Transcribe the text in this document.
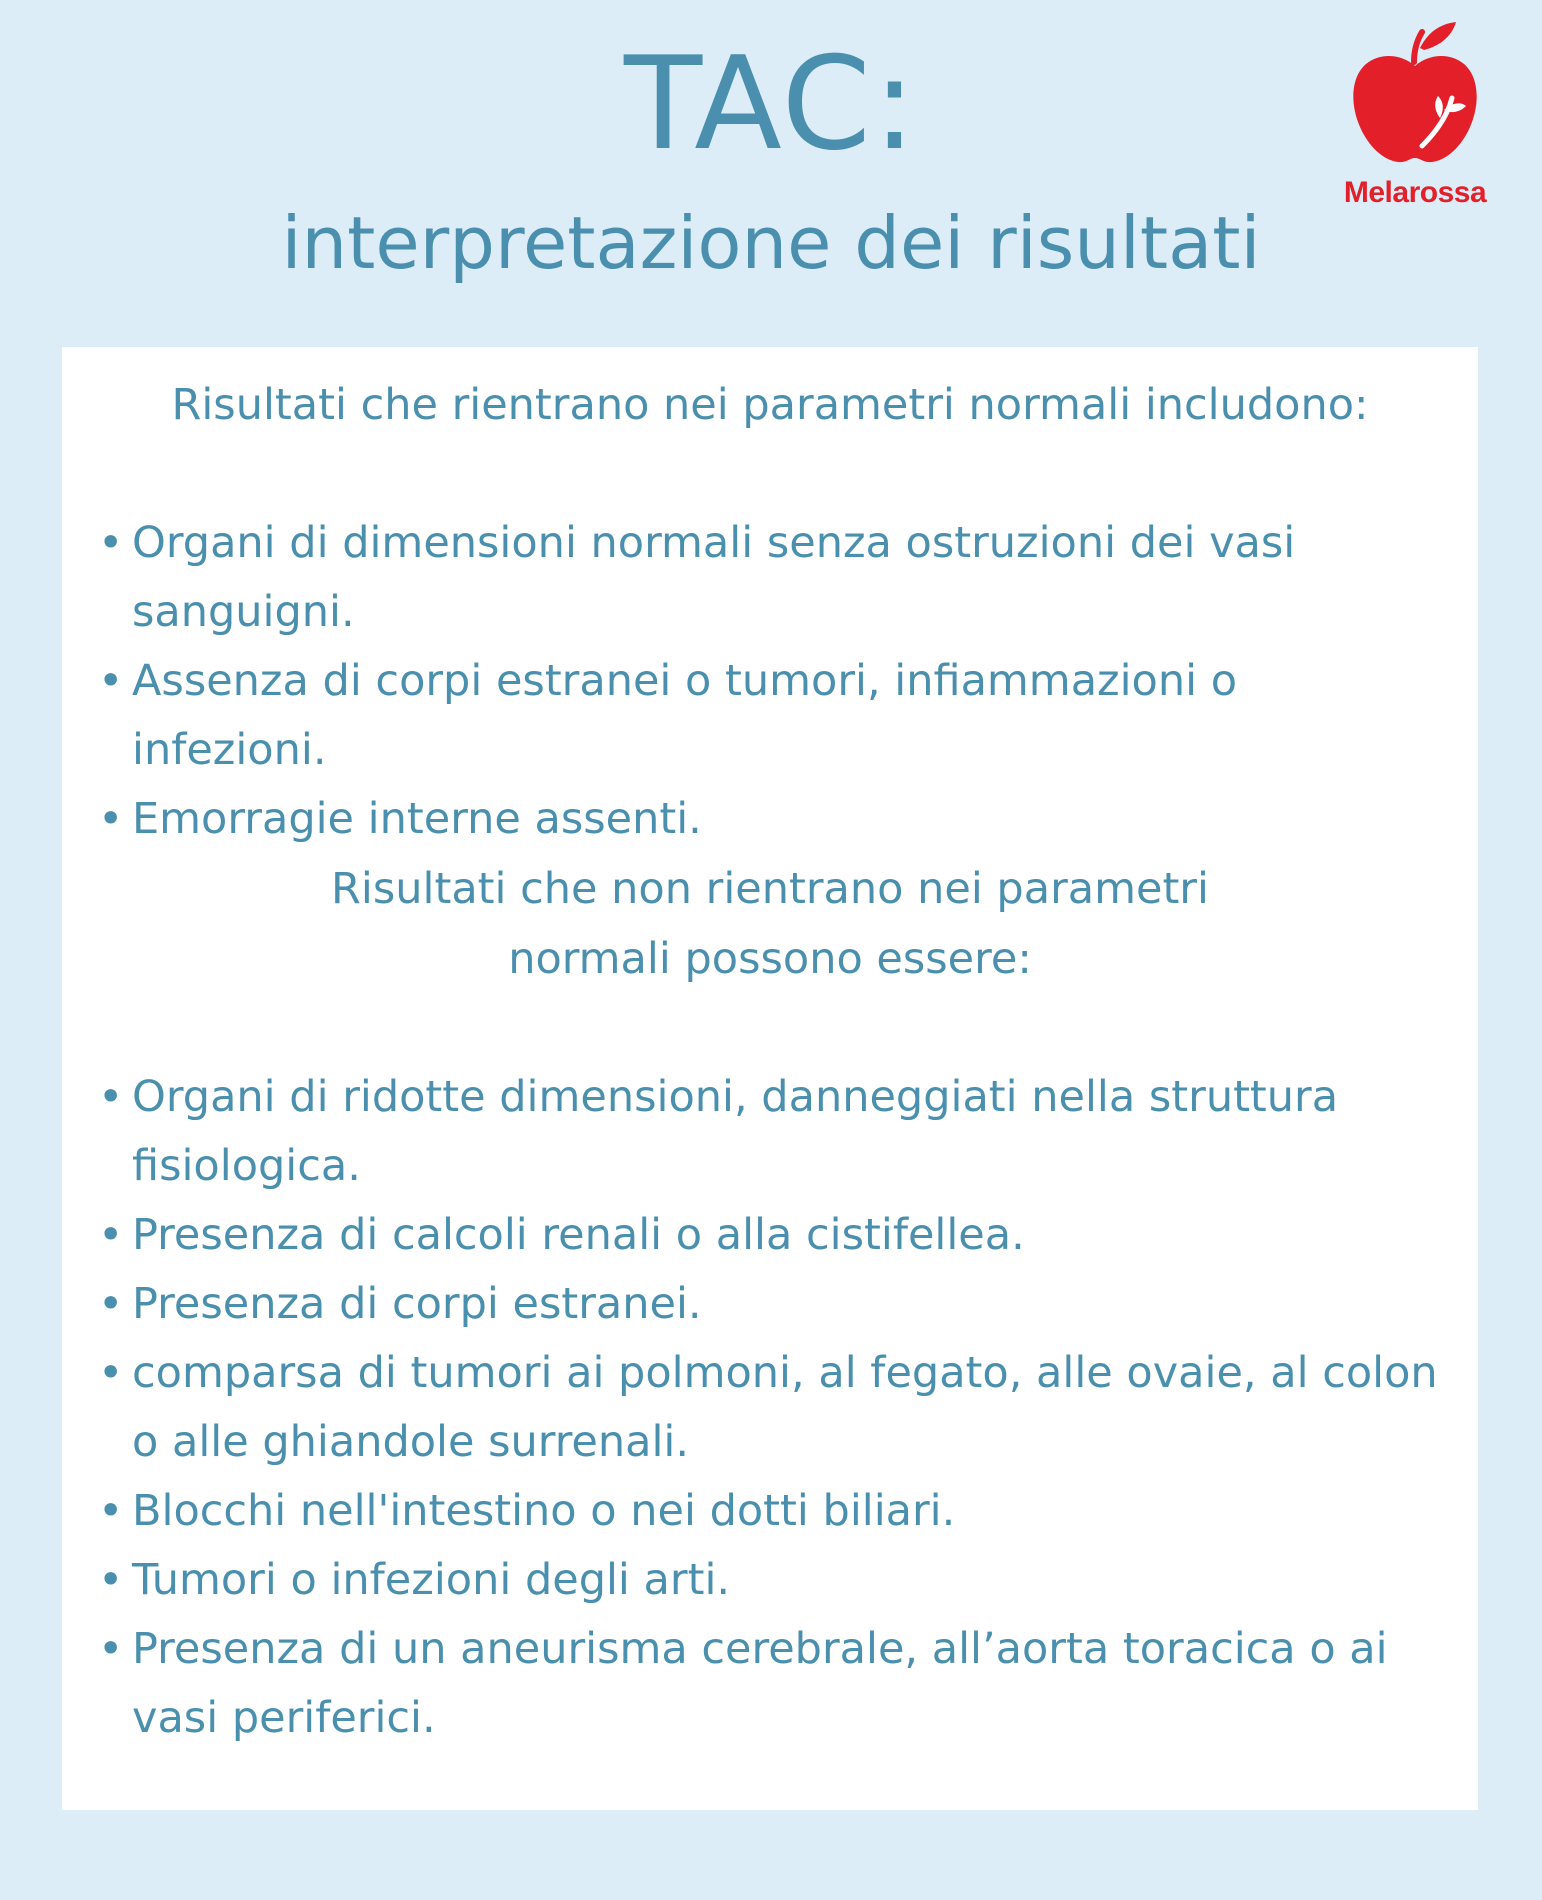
TAC:
interpretazione dei risultati
Melarossa
Risultati che rientrano nei parametri normali includono:
• Organi di dimensioni normali senza ostruzioni dei vasi sanguigni.
• Assenza di corpi estranei o tumori, infiammazioni o infezioni.
• Emorragie interne assenti.
Risultati che non rientrano nei parametri
normali possono essere:
• Organi di ridotte dimensioni, danneggiati nella struttura fisiologica.
• Presenza di calcoli renali o alla cistifellea.
• Presenza di corpi estranei.
• comparsa di tumori ai polmoni, al fegato, alle ovaie, al colon o alle ghiandole surrenali.
• Blocchi nell'intestino o nei dotti biliari.
• Tumori o infezioni degli arti.
• Presenza di un aneurisma cerebrale, all’aorta toracica o ai vasi periferici.
